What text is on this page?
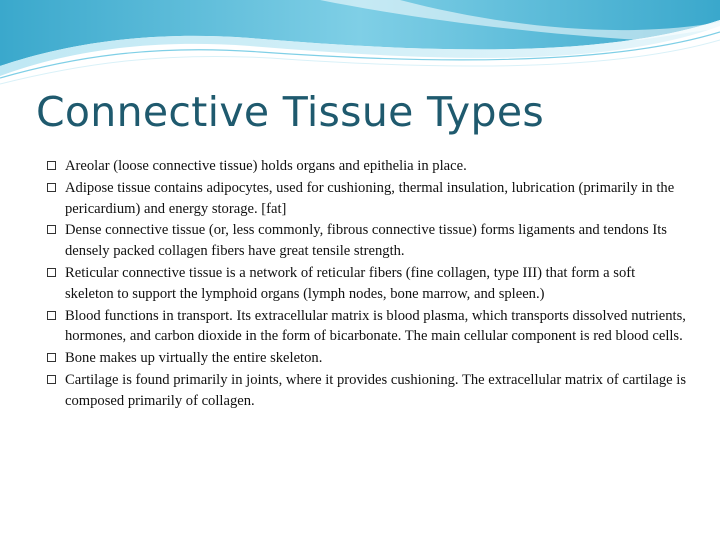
Connective Tissue Types
Areolar (loose connective tissue) holds organs and epithelia in place.
Adipose tissue contains adipocytes, used for cushioning, thermal insulation, lubrication (primarily in the pericardium) and energy storage. [fat]
Dense connective tissue (or, less commonly, fibrous connective tissue) forms ligaments and tendons Its densely packed collagen fibers have great tensile strength.
Reticular connective tissue is a network of reticular fibers (fine collagen, type III) that form a soft skeleton to support the lymphoid organs (lymph nodes, bone marrow, and spleen.)
Blood functions in transport. Its extracellular matrix is blood plasma, which transports dissolved nutrients, hormones, and carbon dioxide in the form of bicarbonate. The main cellular component is red blood cells.
Bone makes up virtually the entire skeleton.
Cartilage is found primarily in joints, where it provides cushioning. The extracellular matrix of cartilage is composed primarily of collagen.
